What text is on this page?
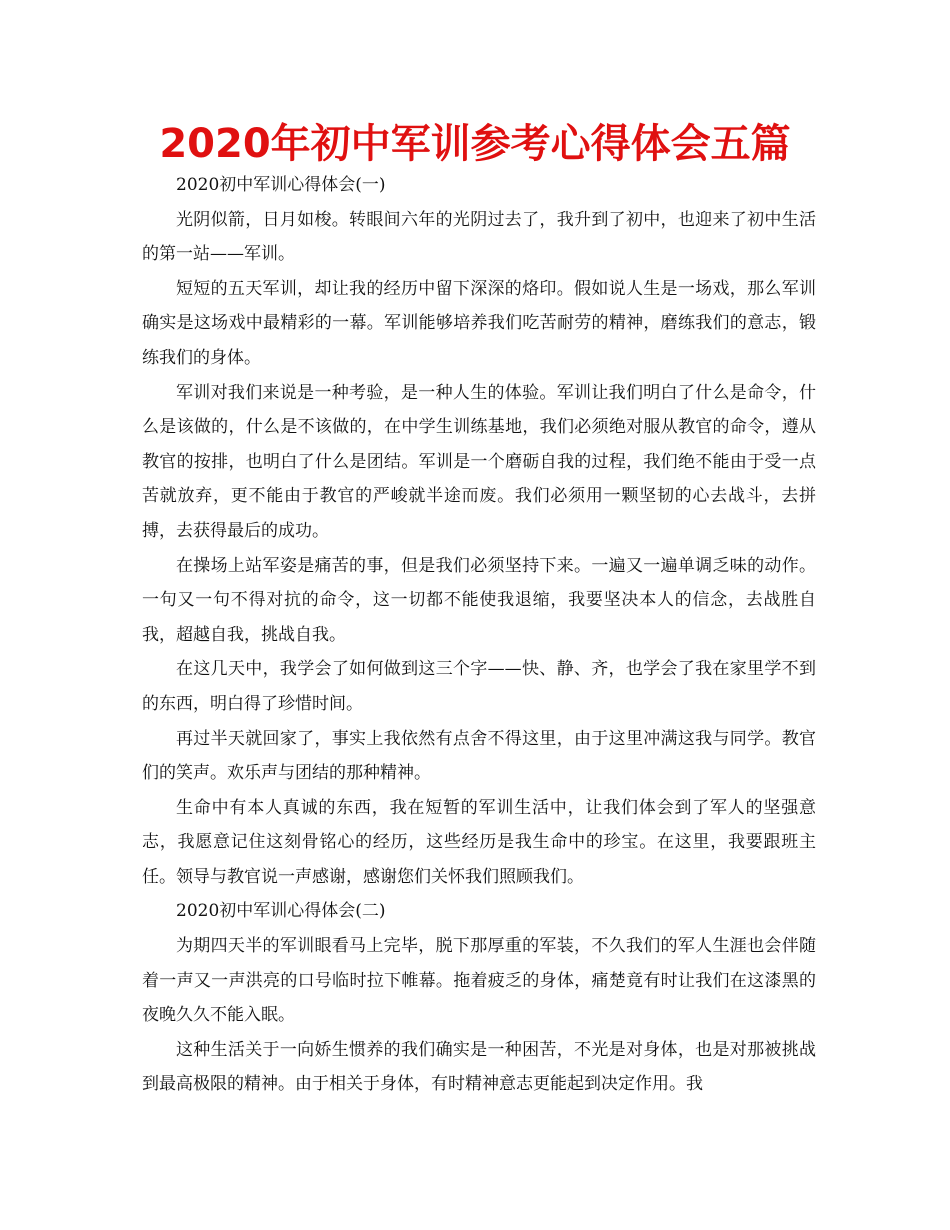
2020年初中军训参考心得体会五篇

2020初中军训心得体会(一)

光阴似箭，日月如梭。转眼间六年的光阴过去了，我升到了初中，也迎来了初中生活的第一站——军训。

短短的五天军训，却让我的经历中留下深深的烙印。假如说人生是一场戏，那么军训确实是这场戏中最精彩的一幕。军训能够培养我们吃苦耐劳的精神，磨练我们的意志，锻练我们的身体。

军训对我们来说是一种考验，是一种人生的体验。军训让我们明白了什么是命令，什么是该做的，什么是不该做的，在中学生训练基地，我们必须绝对服从教官的命令，遵从教官的按排，也明白了什么是团结。军训是一个磨砺自我的过程，我们绝不能由于受一点苦就放弃，更不能由于教官的严峻就半途而废。我们必须用一颗坚韧的心去战斗，去拼搏，去获得最后的成功。

在操场上站军姿是痛苦的事，但是我们必须坚持下来。一遍又一遍单调乏味的动作。一句又一句不得对抗的命令，这一切都不能使我退缩，我要坚决本人的信念，去战胜自我，超越自我，挑战自我。

在这几天中，我学会了如何做到这三个字——快、静、齐，也学会了我在家里学不到的东西，明白得了珍惜时间。

再过半天就回家了，事实上我依然有点舍不得这里，由于这里冲满这我与同学。教官们的笑声。欢乐声与团结的那种精神。

生命中有本人真诚的东西，我在短暂的军训生活中，让我们体会到了军人的坚强意志，我愿意记住这刻骨铭心的经历，这些经历是我生命中的珍宝。在这里，我要跟班主任。领导与教官说一声感谢，感谢您们关怀我们照顾我们。

2020初中军训心得体会(二)

为期四天半的军训眼看马上完毕，脱下那厚重的军装，不久我们的军人生涯也会伴随着一声又一声洪亮的口号临时拉下帷幕。拖着疲乏的身体，痛楚竟有时让我们在这漆黑的夜晚久久不能入眠。

这种生活关于一向娇生惯养的我们确实是一种困苦，不光是对身体，也是对那被挑战到最高极限的精神。由于相关于身体，有时精神意志更能起到决定作用。我
